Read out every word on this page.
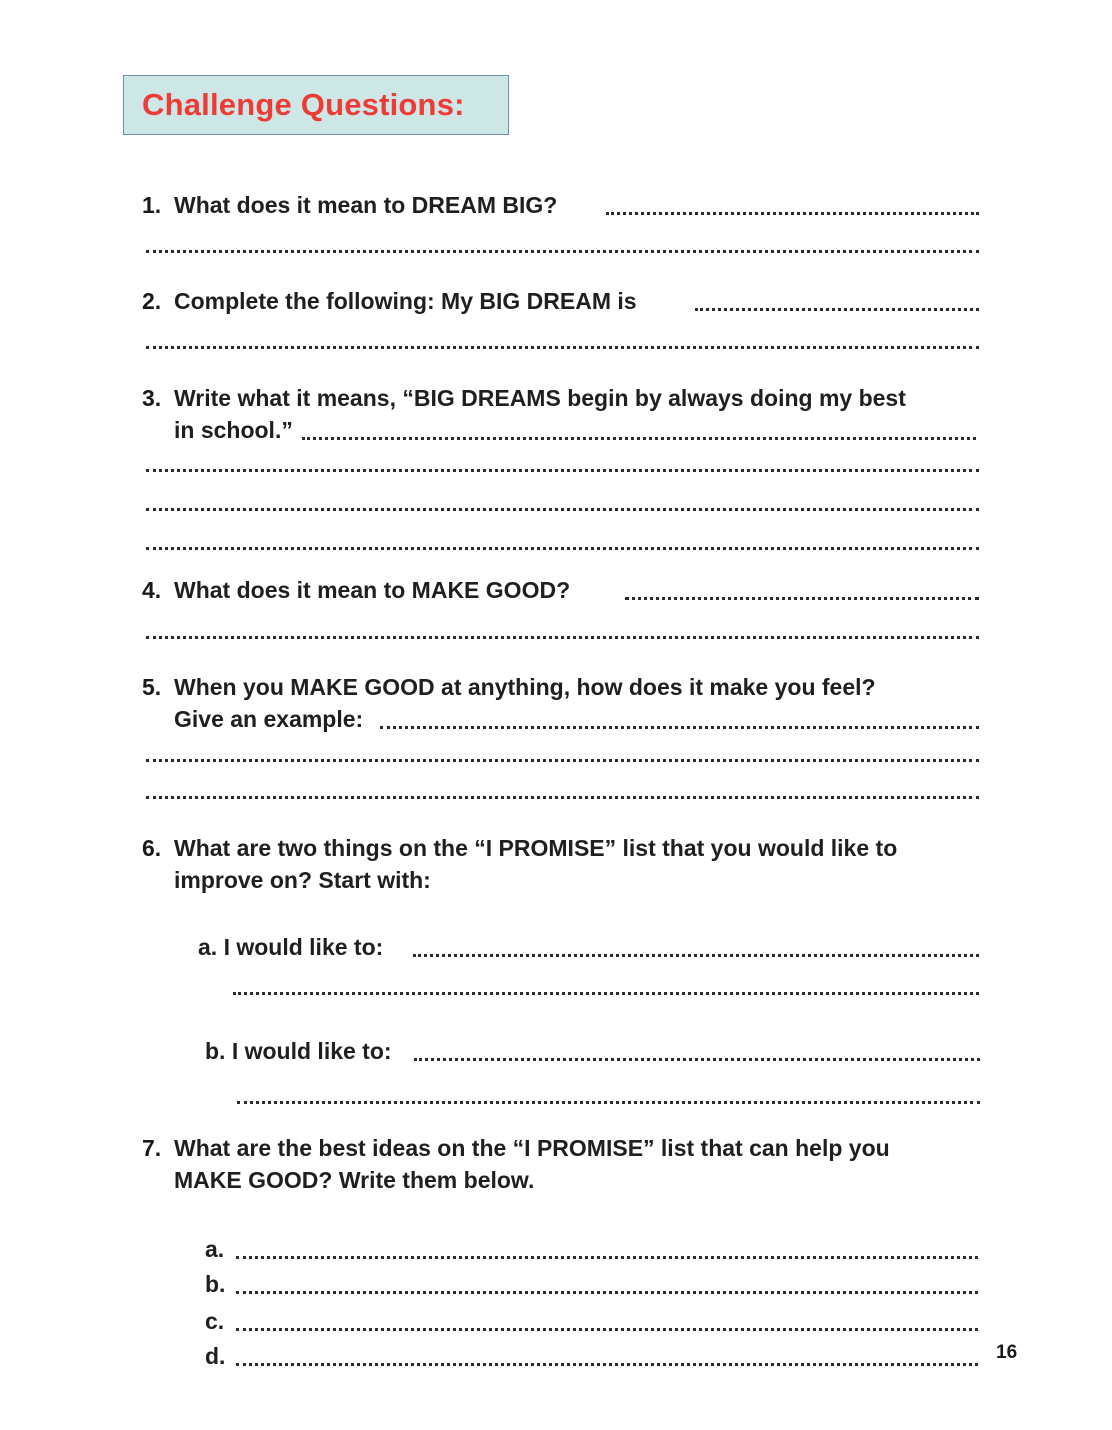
Challenge Questions:
1. What does it mean to DREAM BIG?
2. Complete the following: My BIG DREAM is
3. Write what it means, “BIG DREAMS begin by always doing my best
in school.”
4. What does it mean to MAKE GOOD?
5. When you MAKE GOOD at anything, how does it make you feel?
Give an example:
6. What are two things on the “I PROMISE” list that you would like to
improve on? Start with:
a. I would like to:
b. I would like to:
7. What are the best ideas on the “I PROMISE” list that can help you
MAKE GOOD? Write them below.
a.
b.
c.
d.	16
